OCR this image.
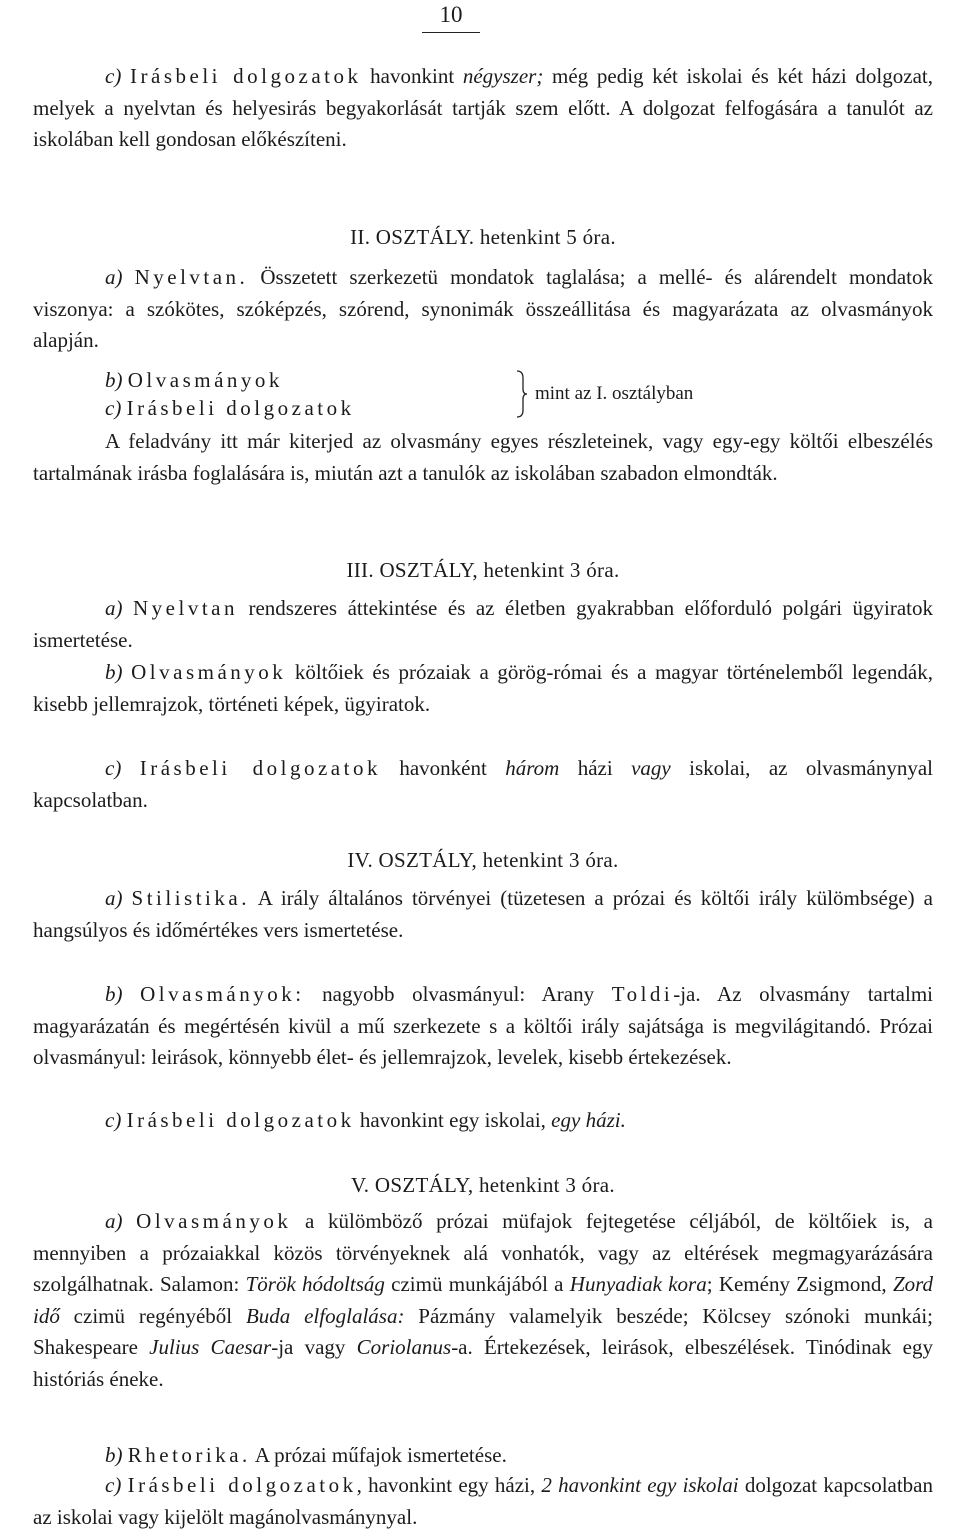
10

c) Irásbeli dolgozatok havonkint négyszer; még pedig két iskolai és két házi dolgozat, melyek a nyelvtan és helyesirás begyakorlását tartják szem előtt. A dolgozat felfogására a tanulót az iskolában kell gondosan előkészíteni.

II. OSZTÁLY. hetenkint 5 óra.

a) Nyelvtan. Összetett szerkezetü mondatok taglalása; a mellé- és alárendelt mondatok viszonya: a szókötes, szóképzés, szórend, synonimák összeállitása és magyarázata az olvasmányok alapján.

b) Olvasmányok
c) Irásbeli dolgozatok
mint az I. osztályban

A feladvány itt már kiterjed az olvasmány egyes részleteinek, vagy egy-egy költői elbeszélés tartalmának irásba foglalására is, miután azt a tanulók az iskolában szabadon elmondták.

III. OSZTÁLY, hetenkint 3 óra.

a) Nyelvtan rendszeres áttekintése és az életben gyakrabban előforduló polgári ügyiratok ismertetése.

b) Olvasmányok költőiek és prózaiak a görög-római és a magyar történelemből legendák, kisebb jellemrajzok, történeti képek, ügyiratok.

c) Irásbeli dolgozatok havonként három házi vagy iskolai, az olvasmánynyal kapcsolatban.

IV. OSZTÁLY, hetenkint 3 óra.

a) Stilistika. A irály általános törvényei (tüzetesen a prózai és költői irály külömbsége) a hangsúlyos és időmértékes vers ismertetése.

b) Olvasmányok: nagyobb olvasmányul: Arany Toldi-ja. Az olvasmány tartalmi magyarázatán és megértésén kivül a mű szerkezete s a költői irály sajátsága is megvilágitandó. Prózai olvasmányul: leirások, könnyebb élet- és jellemrajzok, levelek, kisebb értekezések.

c) Irásbeli dolgozatok havonkint egy iskolai, egy házi.

V. OSZTÁLY, hetenkint 3 óra.

a) Olvasmányok a külömböző prózai müfajok fejtegetése céljából, de költőiek is, a mennyiben a prózaiakkal közös törvényeknek alá vonhatók, vagy az eltérések megmagyarázására szolgálhatnak. Salamon: Török hódoltság czimü munkájából a Hunyadiak kora; Kemény Zsigmond, Zord idő czimü regényéből Buda elfoglalása: Pázmány valamelyik beszéde; Kölcsey szónoki munkái; Shakespeare Julius Caesar-ja vagy Coriolanus-a. Értekezések, leirások, elbeszélések. Tinódinak egy históriás éneke.

b) Rhetorika. A prózai műfajok ismertetése.

c) Irásbeli dolgozatok, havonkint egy házi, 2 havonkint egy iskolai dolgozat kapcsolatban az iskolai vagy kijelölt magánolvasmánynyal.
